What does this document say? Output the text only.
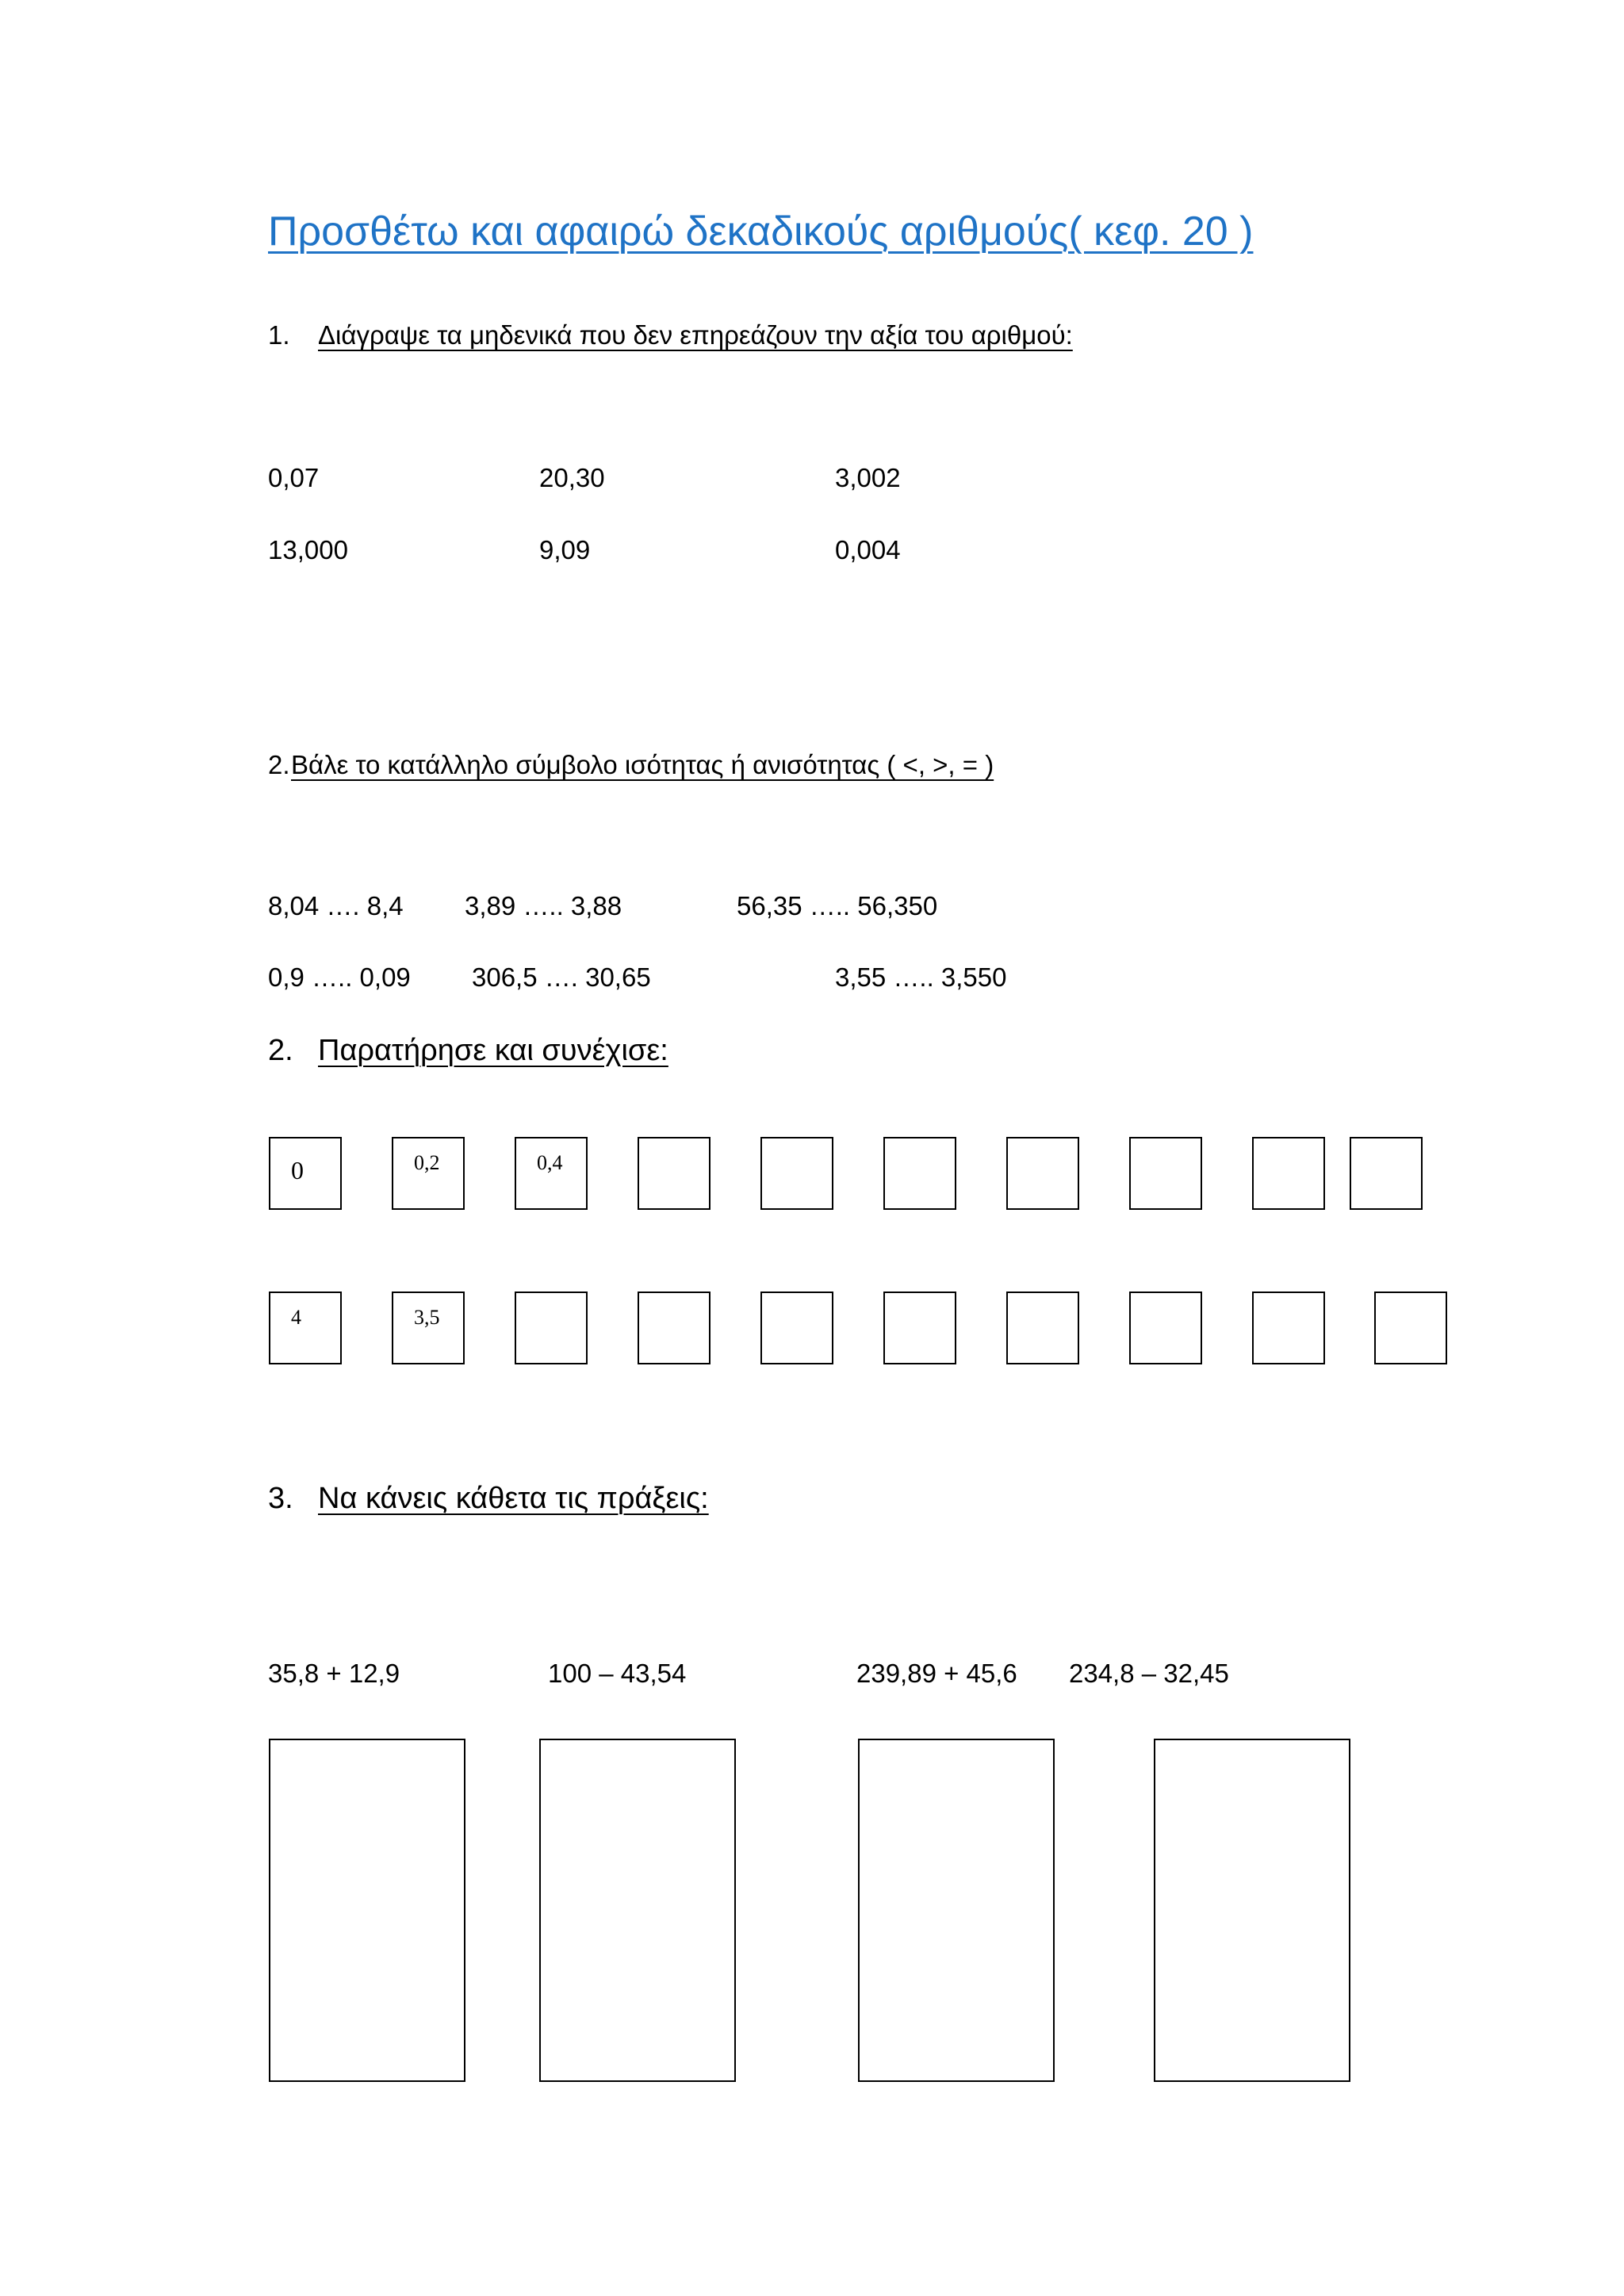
Προσθέτω και αφαιρώ δεκαδικούς αριθμούς( κεφ. 20 )
1. Διάγραψε τα μηδενικά που δεν επηρεάζουν την αξία του αριθμού:
0,07	20,30	3,002
13,000	9,09	0,004
2. Βάλε το κατάλληλο σύμβολο ισότητας ή ανισότητας ( <, >, = )
8,04 …. 8,4 3,89 ….. 3,88	56,35 ….. 56,350
0,9 ….. 0,09 306,5 …. 30,65	3,55 ….. 3,550
2. Παρατήρησε και συνέχισε:
0	0,2	0,4
4	3,5
3. Να κάνεις κάθετα τις πράξεις:
35,8 + 12,9	100 – 43,54	239,89 + 45,6 234,8 – 32,45
